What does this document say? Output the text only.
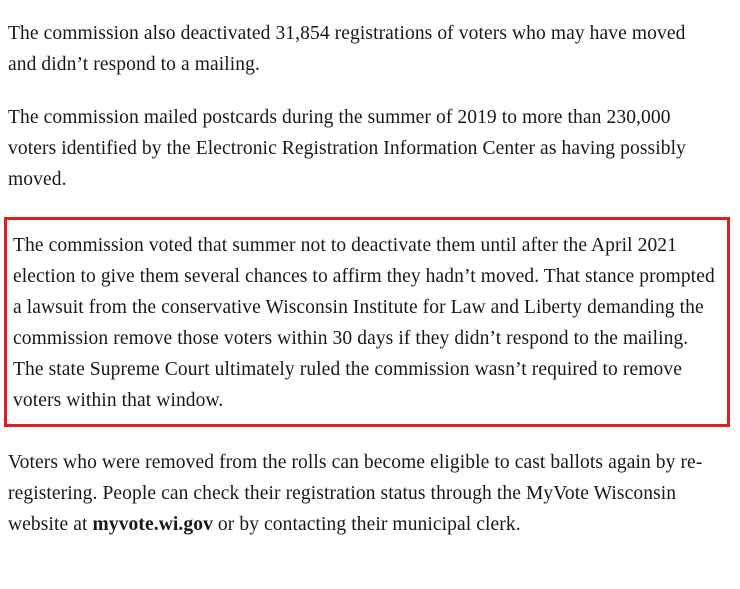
The commission also deactivated 31,854 registrations of voters who may have moved and didn’t respond to a mailing.

The commission mailed postcards during the summer of 2019 to more than 230,000 voters identified by the Electronic Registration Information Center as having possibly moved.

The commission voted that summer not to deactivate them until after the April 2021 election to give them several chances to affirm they hadn’t moved. That stance prompted a lawsuit from the conservative Wisconsin Institute for Law and Liberty demanding the commission remove those voters within 30 days if they didn’t respond to the mailing. The state Supreme Court ultimately ruled the commission wasn’t required to remove voters within that window.

Voters who were removed from the rolls can become eligible to cast ballots again by re-registering. People can check their registration status through the MyVote Wisconsin website at myvote.wi.gov or by contacting their municipal clerk.
